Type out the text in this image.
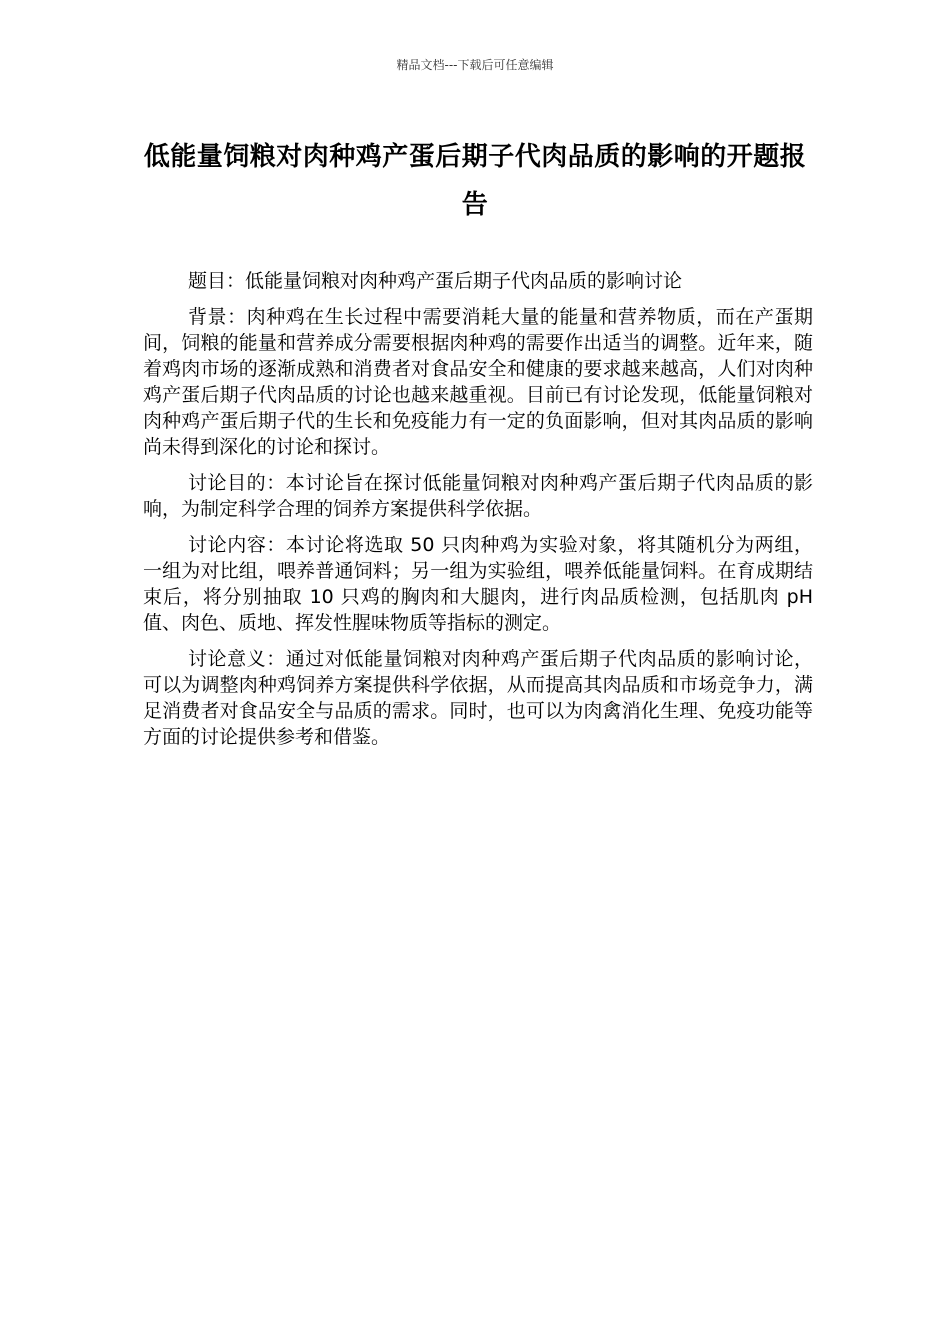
精品文档---下载后可任意编辑
低能量饲粮对肉种鸡产蛋后期子代肉品质的影响的开题报告

题目：低能量饲粮对肉种鸡产蛋后期子代肉品质的影响讨论

背景：肉种鸡在生长过程中需要消耗大量的能量和营养物质，而在产蛋期间，饲粮的能量和营养成分需要根据肉种鸡的需要作出适当的调整。近年来，随着鸡肉市场的逐渐成熟和消费者对食品安全和健康的要求越来越高，人们对肉种鸡产蛋后期子代肉品质的讨论也越来越重视。目前已有讨论发现，低能量饲粮对肉种鸡产蛋后期子代的生长和免疫能力有一定的负面影响，但对其肉品质的影响尚未得到深化的讨论和探讨。

讨论目的：本讨论旨在探讨低能量饲粮对肉种鸡产蛋后期子代肉品质的影响，为制定科学合理的饲养方案提供科学依据。

讨论内容：本讨论将选取 50 只肉种鸡为实验对象，将其随机分为两组，一组为对比组，喂养普通饲料；另一组为实验组，喂养低能量饲料。在育成期结束后，将分别抽取 10 只鸡的胸肉和大腿肉，进行肉品质检测，包括肌肉 pH 值、肉色、质地、挥发性腥味物质等指标的测定。

讨论意义：通过对低能量饲粮对肉种鸡产蛋后期子代肉品质的影响讨论，可以为调整肉种鸡饲养方案提供科学依据，从而提高其肉品质和市场竞争力，满足消费者对食品安全与品质的需求。同时，也可以为肉禽消化生理、免疫功能等方面的讨论提供参考和借鉴。
